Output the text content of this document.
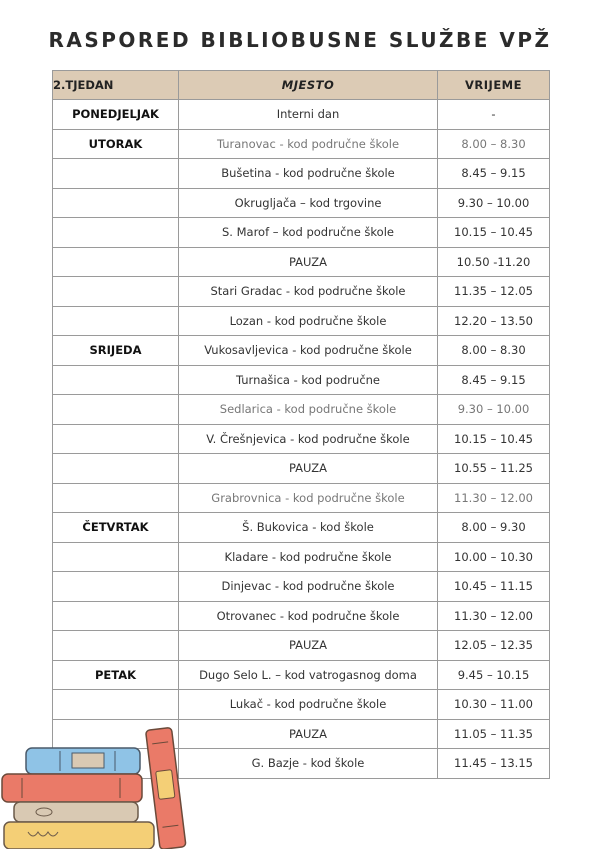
RASPORED BIBLIOBUSNE SLUŽBE VPŽ
2.TJEDAN	MJESTO	VRIJEME
PONEDJELJAK	Interni dan	-
UTORAK	Turanovac - kod područne škole	8.00 – 8.30
	Bušetina - kod područne škole	8.45 – 9.15
	Okrugljača – kod trgovine	9.30 – 10.00
	S. Marof – kod područne škole	10.15 – 10.45
	PAUZA	10.50 -11.20
	Stari Gradac - kod područne škole	11.35 – 12.05
	Lozan - kod područne škole	12.20 – 13.50
SRIJEDA	Vukosavljevica - kod područne škole	8.00 – 8.30
	Turnašica - kod područne	8.45 – 9.15
	Sedlarica - kod područne škole	9.30 – 10.00
	V. Črešnjevica - kod područne škole	10.15 – 10.45
	PAUZA	10.55 – 11.25
	Grabrovnica - kod područne škole	11.30 – 12.00
ČETVRTAK	Š. Bukovica - kod škole	8.00 – 9.30
	Kladare - kod područne škole	10.00 – 10.30
	Dinjevac - kod područne škole	10.45 – 11.15
	Otrovanec - kod područne škole	11.30 – 12.00
	PAUZA	12.05 – 12.35
PETAK	Dugo Selo L. – kod vatrogasnog doma	9.45 – 10.15
	Lukač - kod područne škole	10.30 – 11.00
	PAUZA	11.05 – 11.35
	G. Bazje - kod škole	11.45 – 13.15
